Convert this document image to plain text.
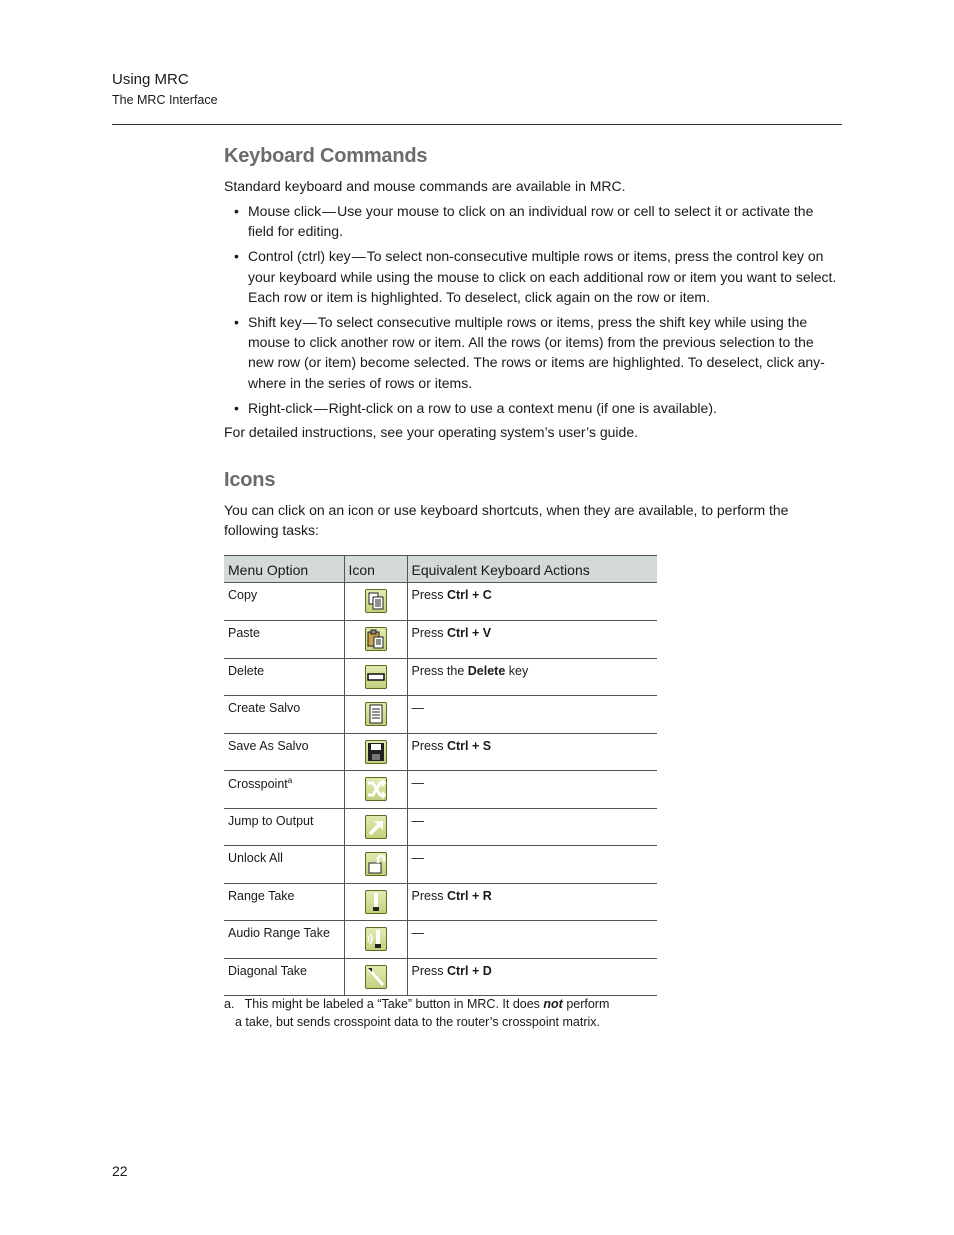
Using MRC
The MRC Interface
Keyboard Commands
Standard keyboard and mouse commands are available in MRC.
• Mouse click—Use your mouse to click on an individual row or cell to select it or activate the field for editing.
• Control (ctrl) key—To select non-consecutive multiple rows or items, press the control key on your keyboard while using the mouse to click on each additional row or item you want to select. Each row or item is highlighted. To deselect, click again on the row or item.
• Shift key—To select consecutive multiple rows or items, press the shift key while using the mouse to click another row or item. All the rows (or items) from the previous selection to the new row (or item) become selected. The rows or items are highlighted. To deselect, click any-where in the series of rows or items.
• Right-click—Right-click on a row to use a context menu (if one is available).
For detailed instructions, see your operating system’s user’s guide.
Icons
You can click on an icon or use keyboard shortcuts, when they are available, to perform the following tasks:
Menu Option	Icon	Equivalent Keyboard Actions
Copy		Press Ctrl + C
Paste		Press Ctrl + V
Delete		Press the Delete key
Create Salvo		—
Save As Salvo		Press Ctrl + S
Crosspoint$^a$		—
Jump to Output		—
Unlock All		—
Range Take		Press Ctrl + R
Audio Range Take		—
Diagonal Take		Press Ctrl + D
a. This might be labeled a “Take” button in MRC. It does not perform
a take, but sends crosspoint data to the router’s crosspoint matrix.
22
